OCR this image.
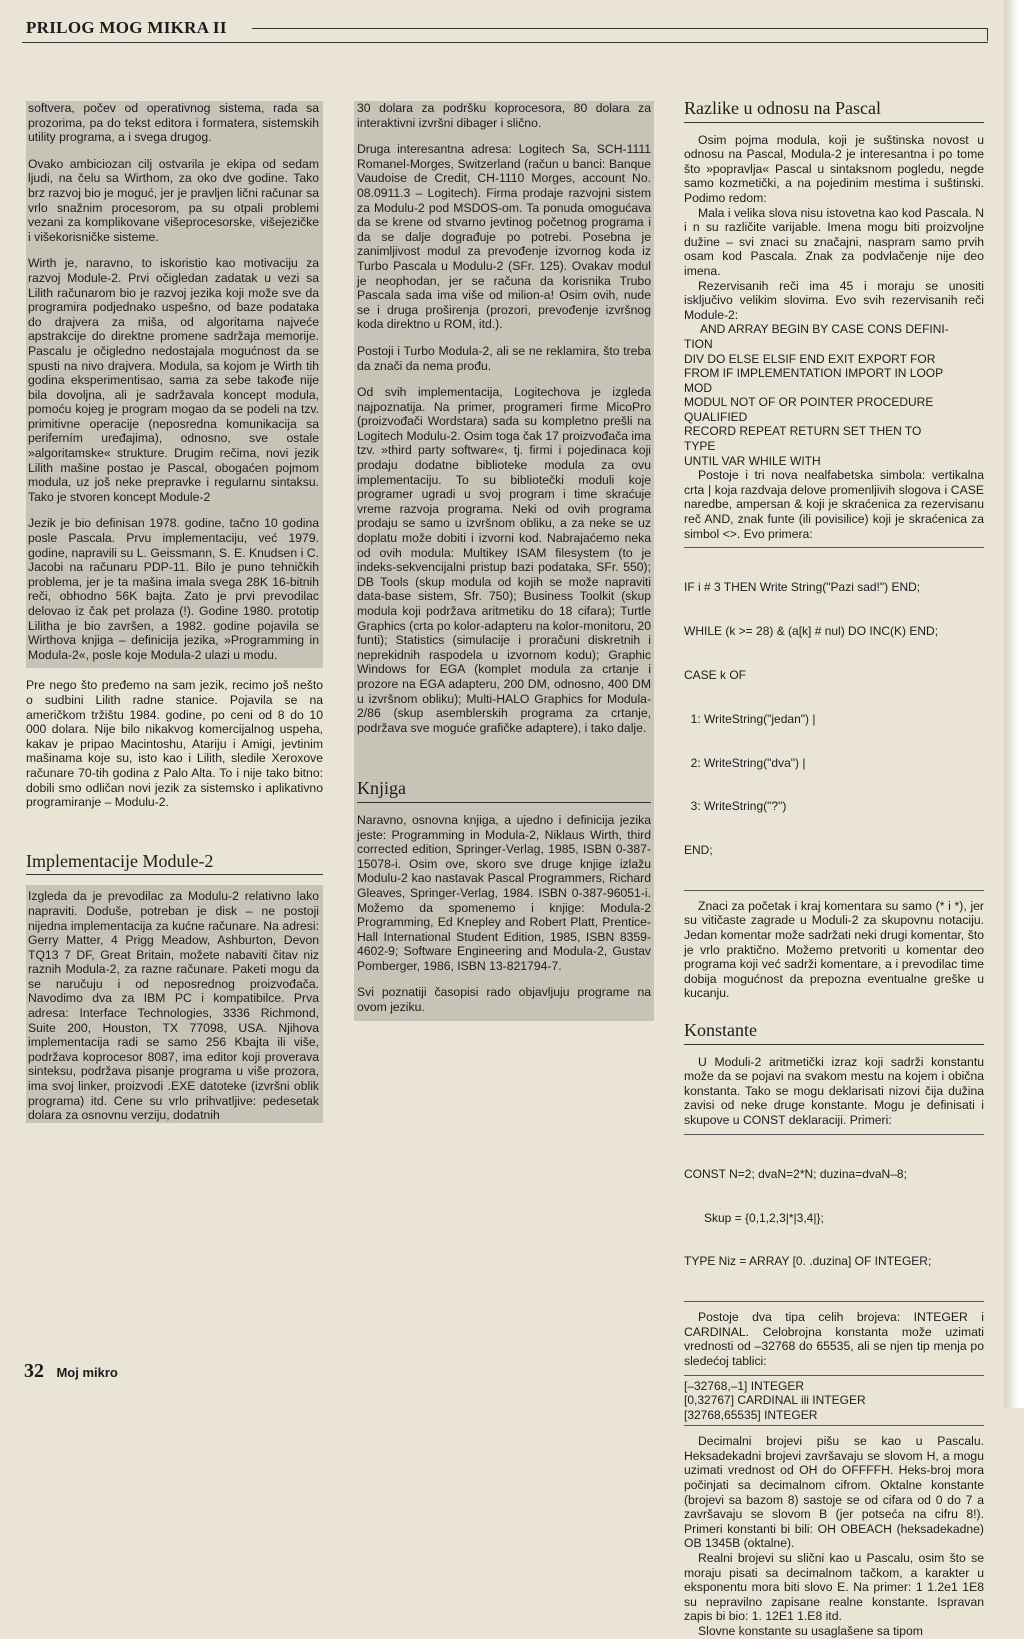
PRILOG MOG MIKRA II

softvera, počev od operativnog sistema, rada sa prozorima, pa do tekst editora i formatera, sistemskih utility programa, a i svega drugog.

Ovako ambiciozan cilj ostvarila je ekipa od sedam ljudi, na čelu sa Wirthom, za oko dve godine. Tako brz razvoj bio je moguć, jer je pravljen lični računar sa vrlo snažnim procesorom, pa su otpali problemi vezani za komplikovane višeprocesorske, višejezičke i višekorisničke sisteme.

Wirth je, naravno, to iskoristio kao motivaciju za razvoj Module-2. Prvi očigledan zadatak u vezi sa Lilith računarom bio je razvoj jezika koji može sve da programira podjednako uspešno, od baze podataka do drajvera za miša, od algoritama najveće apstrakcije do direktne promene sadržaja memorije. Pascalu je očigledno nedostajala mogućnost da se spusti na nivo drajvera. Modula, sa kojom je Wirth tih godina eksperimentisao, sama za sebe takođe nije bila dovoljna, ali je sadržavala koncept modula, pomoću kojeg je program mogao da se podeli na tzv. primitivne operacije (neposredna komunikacija sa periferním uređajima), odnosno, sve ostale »algoritamske« strukture. Drugim rečima, novi jezik Lilith mašine postao je Pascal, obogaćen pojmom modula, uz još neke prepravke i regularnu sintaksu. Tako je stvoren koncept Module-2

Jezik je bio definisan 1978. godine, tačno 10 godina posle Pascala. Prvu implementaciju, već 1979. godine, napravili su L. Geissmann, S. E. Knudsen i C. Jacobi na računaru PDP-11. Bilo je puno tehničkih problema, jer je ta mašina imala svega 28K 16-bitnih reči, obhodno 56K bajta. Zato je prvi prevodilac delovao iz čak pet prolaza (!). Godine 1980. prototip Lilitha je bio završen, a 1982. godine pojavila se Wirthova knjiga – definicija jezika, »Programming in Modula-2«, posle koje Modula-2 ulazi u modu.

Pre nego što pređemo na sam jezik, recimo još nešto o sudbini Lilith radne stanice. Pojavila se na američkom tržištu 1984. godine, po ceni od 8 do 10 000 dolara. Nije bilo nikakvog komercijalnog uspeha, kakav je pripao Macintoshu, Atariju i Amigi, jevtinim mašinama koje su, isto kao i Lilith, sledile Xeroxove računare 70-tih godina z Palo Alta. To i nije tako bitno: dobili smo odličan novi jezik za sistemsko i aplikativno programiranje – Modulu-2.

Implementacije Module-2

Izgleda da je prevodilac za Modulu-2 relativno lako napraviti. Doduše, potreban je disk – ne postoji nijedna implementacija za kućne računare. Na adresi: Gerry Matter, 4 Prigg Meadow, Ashburton, Devon TQ13 7 DF, Great Britain, možete nabaviti čitav niz raznih Modula-2, za razne računare. Paketi mogu da se naručuju i od neposrednog proizvođača. Navodimo dva za IBM PC i kompatibilce. Prva adresa: Interface Technologies, 3336 Richmond, Suite 200, Houston, TX 77098, USA. Njihova implementacija radi se samo 256 Kbajta ili više, podržava koprocesor 8087, ima editor koji proverava sinteksu, podržava pisanje programa u više prozora, ima svoj linker, proizvodi .EXE datoteke (izvršni oblik programa) itd. Cene su vrlo prihvatljive: pedesetak dolara za osnovnu verziju, dodatnih

30 dolara za podršku koprocesora, 80 dolara za interaktivni izvršni dibager i slično.

Druga interesantna adresa: Logitech Sa, SCH-1111 Romanel-Morges, Switzerland (račun u banci: Banque Vaudoise de Credit, CH-1110 Morges, account No. 08.0911.3 – Logitech). Firma prodaje razvojni sistem za Modulu-2 pod MSDOS-om. Ta ponuda omogućava da se krene od stvarno jevtinog početnog programa i da se dalje dograđuje po potrebi. Posebna je zanimljivost modul za prevođenje izvornog koda iz Turbo Pascala u Modulu-2 (SFr. 125). Ovakav modul je neophodan, jer se računa da korisnika Trubo Pascala sada ima više od milion-a! Osim ovih, nude se i druga proširenja (prozori, prevođenje izvršnog koda direktno u ROM, itd.).

Postoji i Turbo Modula-2, ali se ne reklamira, što treba da znači da nema prođu.

Od svih implementacija, Logitechova je izgleda najpoznatija. Na primer, programeri firme MicoPro (proizvođači Wordstara) sada su kompletno prešli na Logitech Modulu-2. Osim toga čak 17 proizvođača ima tzv. »third party software«, tj. firmi i pojedinaca koji prodaju dodatne biblioteke modula za ovu implementaciju. To su bibliotečki moduli koje programer ugradi u svoj program i time skraćuje vreme razvoja programa. Neki od ovih programa prodaju se samo u izvršnom obliku, a za neke se uz doplatu može dobiti i izvorni kod. Nabrajaćemo neka od ovih modula: Multikey ISAM filesystem (to je indeks-sekvencijalni pristup bazi podataka, SFr. 550); DB Tools (skup modula od kojih se može napraviti data-base sistem, Sfr. 750); Business Toolkit (skup modula koji podržava aritmetiku do 18 cifara); Turtle Graphics (crta po kolor-adapteru na kolor-monitoru, 20 funti); Statistics (simulacije i proračuni diskretnih i neprekidnih raspodela u izvornom kodu); Graphic Windows for EGA (komplet modula za crtanje i prozore na EGA adapteru, 200 DM, odnosno, 400 DM u izvršnom obliku); Multi-HALO Graphics for Modula-2/86 (skup asemblerskih programa za crtanje, podržava sve moguće grafičke adaptere), i tako dalje.

Knjiga

Naravno, osnovna knjiga, a ujedno i definicija jezika jeste: Programming in Modula-2, Niklaus Wirth, third corrected edition, Springer-Verlag, 1985, ISBN 0-387-15078-i. Osim ove, skoro sve druge knjige izlažu Modulu-2 kao nastavak Pascal Programmers, Richard Gleaves, Springer-Verlag, 1984. ISBN 0-387-96051-i. Možemo da spomenemo i knjige: Modula-2 Programming, Ed Knepley and Robert Platt, Prentice-Hall International Student Edition, 1985, ISBN 8359-4602-9; Software Engineering and Modula-2, Gustav Pomberger, 1986, ISBN 13-821794-7.

Svi poznatiji časopisi rado objavljuju programe na ovom jeziku.

Razlike u odnosu na Pascal

Osim pojma modula, koji je suštinska novost u odnosu na Pascal, Modula-2 je interesantna i po tome što »popravlja« Pascal u sintaksnom pogledu, negde samo kozmetički, a na pojedinim mestima i suštinski. Podimo redom:

Mala i velika slova nisu istovetna kao kod Pascala. N i n su različite varijable. Imena mogu biti proizvoljne dužine – svi znaci su značajni, naspram samo prvih osam kod Pascala. Znak za podvlačenje nije deo imena.

Rezervisanih reči ima 45 i moraju se unositi isključivo velikim slovima. Evo svih rezervisanih reči Module-2:

AND ARRAY BEGIN BY CASE CONS DEFINI-
TION
DIV DO ELSE ELSIF END EXIT EXPORT FOR
FROM IF IMPLEMENTATION IMPORT IN LOOP
MOD
MODUL NOT OF OR POINTER PROCEDURE
QUALIFIED
RECORD REPEAT RETURN SET THEN TO
TYPE
UNTIL VAR WHILE WITH

Postoje i tri nova nealfabetska simbola: vertikalna crta | koja razdvaja delove promenljivih slogova i CASE naredbe, ampersan & koji je skraćenica za rezervisanu reč AND, znak funte (ili povisilice) koji je skraćenica za simbol <>. Evo primera:

IF i # 3 THEN Write String("Pazi sad!") END;

WHILE (k >= 28) & (a[k] # nul) DO INC(K) END;

CASE k OF

1: WriteString("jedan") |

2: WriteString("dva") |

3: WriteString("?")

END;

Znaci za početak i kraj komentara su samo (* i *), jer su vitičaste zagrade u Moduli-2 za skupovnu notaciju. Jedan komentar može sadržati neki drugi komentar, što je vrlo praktično. Možemo pretvoriti u komentar deo programa koji već sadrži komentare, a i prevodilac time dobija mogućnost da prepozna eventualne greške u kucanju.

Konstante

U Moduli-2 aritmetički izraz koji sadrži konstantu može da se pojavi na svakom mestu na kojem i obična konstanta. Tako se mogu deklarisati nizovi čija dužina zavisi od neke druge konstante. Mogu je definisati i skupove u CONST deklaraciji. Primeri:

CONST N=2; dvaN=2*N; duzina=dvaN–8;

Skup = {0,1,2,3|*|3,4|};

TYPE Niz = ARRAY [0. .duzina] OF INTEGER;

Postoje dva tipa celih brojeva: INTEGER i CARDINAL. Celobrojna konstanta može uzimati vrednosti od –32768 do 65535, ali se njen tip menja po sledećoj tablici:

[–32768,–1] INTEGER
[0,32767] CARDINAL ili INTEGER
[32768,65535] INTEGER

Decimalni brojevi pišu se kao u Pascalu. Heksadekadni brojevi završavaju se slovom H, a mogu uzimati vrednost od OH do OFFFFH. Heks-broj mora počinjati sa decimalnom cifrom. Oktalne konstante (brojevi sa bazom 8) sastoje se od cifara od 0 do 7 a završavaju se slovom B (jer potseća na cifru 8!). Primeri konstanti bi bili: OH OBEACH (heksadekadne) OB 1345B (oktalne).

Realni brojevi su slični kao u Pascalu, osim što se moraju pisati sa decimalnom tačkom, a karakter u eksponentu mora biti slovo E. Na primer: 1 1.2e1 1E8 su nepravilno zapisane realne konstante. Ispravan zapis bi bio: 1. 12E1 1.E8 itd.

Slovne konstante su usaglašene sa tipom

32 Moj mikro
